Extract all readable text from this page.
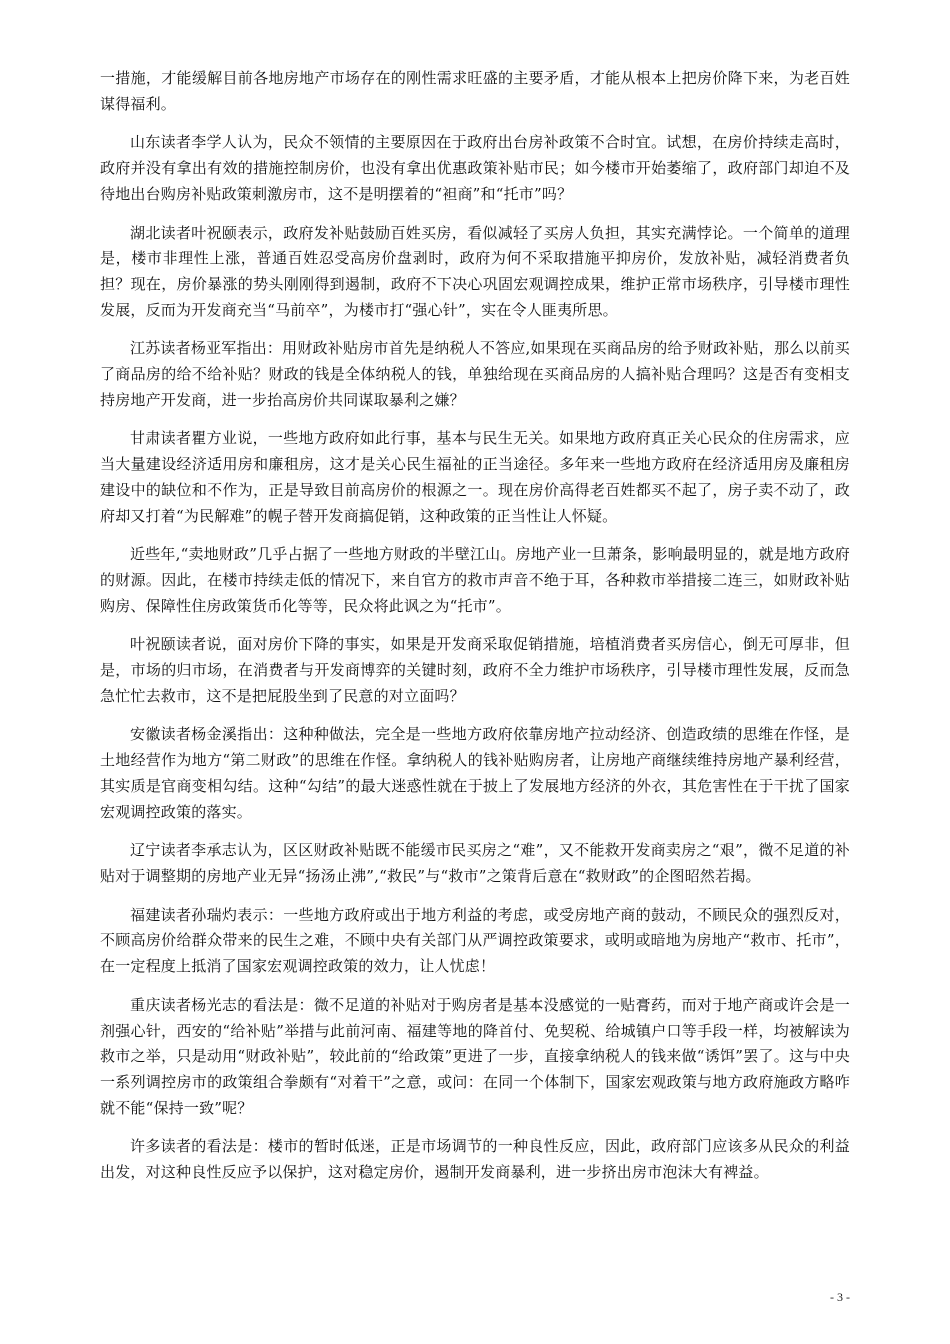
一措施，才能缓解目前各地房地产市场存在的刚性需求旺盛的主要矛盾，才能从根本上把房价降下来，为老百姓谋得福利。

山东读者李学人认为，民众不领情的主要原因在于政府出台房补政策不合时宜。试想，在房价持续走高时，政府并没有拿出有效的措施控制房价，也没有拿出优惠政策补贴市民；如今楼市开始萎缩了，政府部门却迫不及待地出台购房补贴政策刺激房市，这不是明摆着的“袒商”和“托市”吗？

湖北读者叶祝颐表示，政府发补贴鼓励百姓买房，看似减轻了买房人负担，其实充满悖论。一个简单的道理是，楼市非理性上涨，普通百姓忍受高房价盘剥时，政府为何不采取措施平抑房价，发放补贴，减轻消费者负担？现在，房价暴涨的势头刚刚得到遏制，政府不下决心巩固宏观调控成果，维护正常市场秩序，引导楼市理性发展，反而为开发商充当“马前卒”，为楼市打“强心针”，实在令人匪夷所思。

江苏读者杨亚军指出：用财政补贴房市首先是纳税人不答应,如果现在买商品房的给予财政补贴，那么以前买了商品房的给不给补贴？财政的钱是全体纳税人的钱，单独给现在买商品房的人搞补贴合理吗？这是否有变相支持房地产开发商，进一步抬高房价共同谋取暴利之嫌？

甘肃读者瞿方业说，一些地方政府如此行事，基本与民生无关。如果地方政府真正关心民众的住房需求，应当大量建设经济适用房和廉租房，这才是关心民生福祉的正当途径。多年来一些地方政府在经济适用房及廉租房建设中的缺位和不作为，正是导致目前高房价的根源之一。现在房价高得老百姓都买不起了，房子卖不动了，政府却又打着“为民解难”的幌子替开发商搞促销，这种政策的正当性让人怀疑。

近些年,“卖地财政”几乎占据了一些地方财政的半壁江山。房地产业一旦萧条，影响最明显的，就是地方政府的财源。因此，在楼市持续走低的情况下，来自官方的救市声音不绝于耳，各种救市举措接二连三，如财政补贴购房、保障性住房政策货币化等等，民众将此讽之为“托市”。

叶祝颐读者说，面对房价下降的事实，如果是开发商采取促销措施，培植消费者买房信心，倒无可厚非，但是，市场的归市场，在消费者与开发商博弈的关键时刻，政府不全力维护市场秩序，引导楼市理性发展，反而急急忙忙去救市，这不是把屁股坐到了民意的对立面吗？

安徽读者杨金溪指出：这种种做法，完全是一些地方政府依靠房地产拉动经济、创造政绩的思维在作怪，是土地经营作为地方“第二财政”的思维在作怪。拿纳税人的钱补贴购房者，让房地产商继续维持房地产暴利经营，其实质是官商变相勾结。这种“勾结”的最大迷惑性就在于披上了发展地方经济的外衣，其危害性在于干扰了国家宏观调控政策的落实。

辽宁读者李承志认为，区区财政补贴既不能缓市民买房之“难”，又不能救开发商卖房之“艰”，微不足道的补贴对于调整期的房地产业无异“扬汤止沸”,“救民”与“救市”之策背后意在“救财政”的企图昭然若揭。

福建读者孙瑞灼表示：一些地方政府或出于地方利益的考虑，或受房地产商的鼓动，不顾民众的强烈反对，不顾高房价给群众带来的民生之难，不顾中央有关部门从严调控政策要求，或明或暗地为房地产“救市、托市”，在一定程度上抵消了国家宏观调控政策的效力，让人忧虑！

重庆读者杨光志的看法是：微不足道的补贴对于购房者是基本没感觉的一贴膏药，而对于地产商或许会是一剂强心针，西安的“给补贴”举措与此前河南、福建等地的降首付、免契税、给城镇户口等手段一样，均被解读为救市之举，只是动用“财政补贴”，较此前的“给政策”更进了一步，直接拿纳税人的钱来做“诱饵”罢了。这与中央一系列调控房市的政策组合拳颇有“对着干”之意，或问：在同一个体制下，国家宏观政策与地方政府施政方略咋就不能“保持一致”呢？

许多读者的看法是：楼市的暂时低迷，正是市场调节的一种良性反应，因此，政府部门应该多从民众的利益出发，对这种良性反应予以保护，这对稳定房价，遏制开发商暴利，进一步挤出房市泡沫大有裨益。

- 3 -
